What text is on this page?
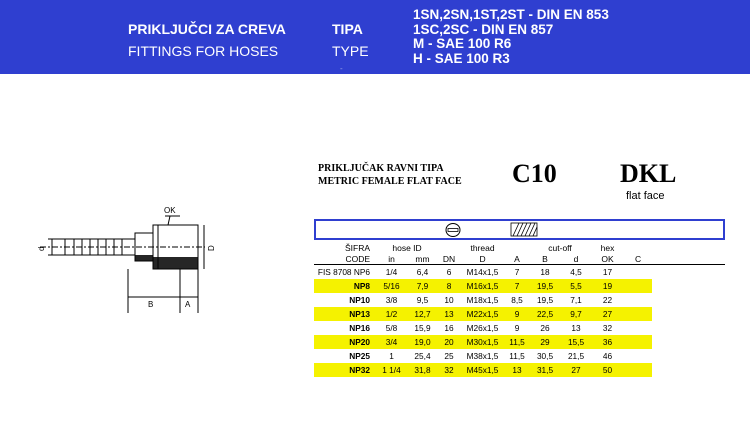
PRIKLJUČCI ZA CREVA
FITTINGS FOR HOSES
TIPA
TYPE
-
1SN,2SN,1ST,2ST - DIN EN 853
1SC,2SC - DIN EN 857
M - SAE 100 R6
H - SAE 100 R3
PRIKLJUČAK RAVNI TIPA
METRIC FEMALE FLAT FACE C10 DKL
flat face
OK
d	D
B	A
ŠIFRA	hose ID			thread		cut-off		hex		
CODE	in	mm	DN	D	A	B	d	OK	C	
FIS 8708 NP6	1/4	6,4	6	M14x1,5	7	18	4,5	17		
NP8	5/16	7,9	8	M16x1,5	7	19,5	5,5	19		
NP10	3/8	9,5	10	M18x1,5	8,5	19,5	7,1	22		
NP13	1/2	12,7	13	M22x1,5	9	22,5	9,7	27		
NP16	5/8	15,9	16	M26x1,5	9	26	13	32		
NP20	3/4	19,0	20	M30x1,5	11,5	29	15,5	36		
NP25	1	25,4	25	M38x1,5	11,5	30,5	21,5	46		
NP32	1 1/4	31,8	32	M45x1,5	13	31,5	27	50		
